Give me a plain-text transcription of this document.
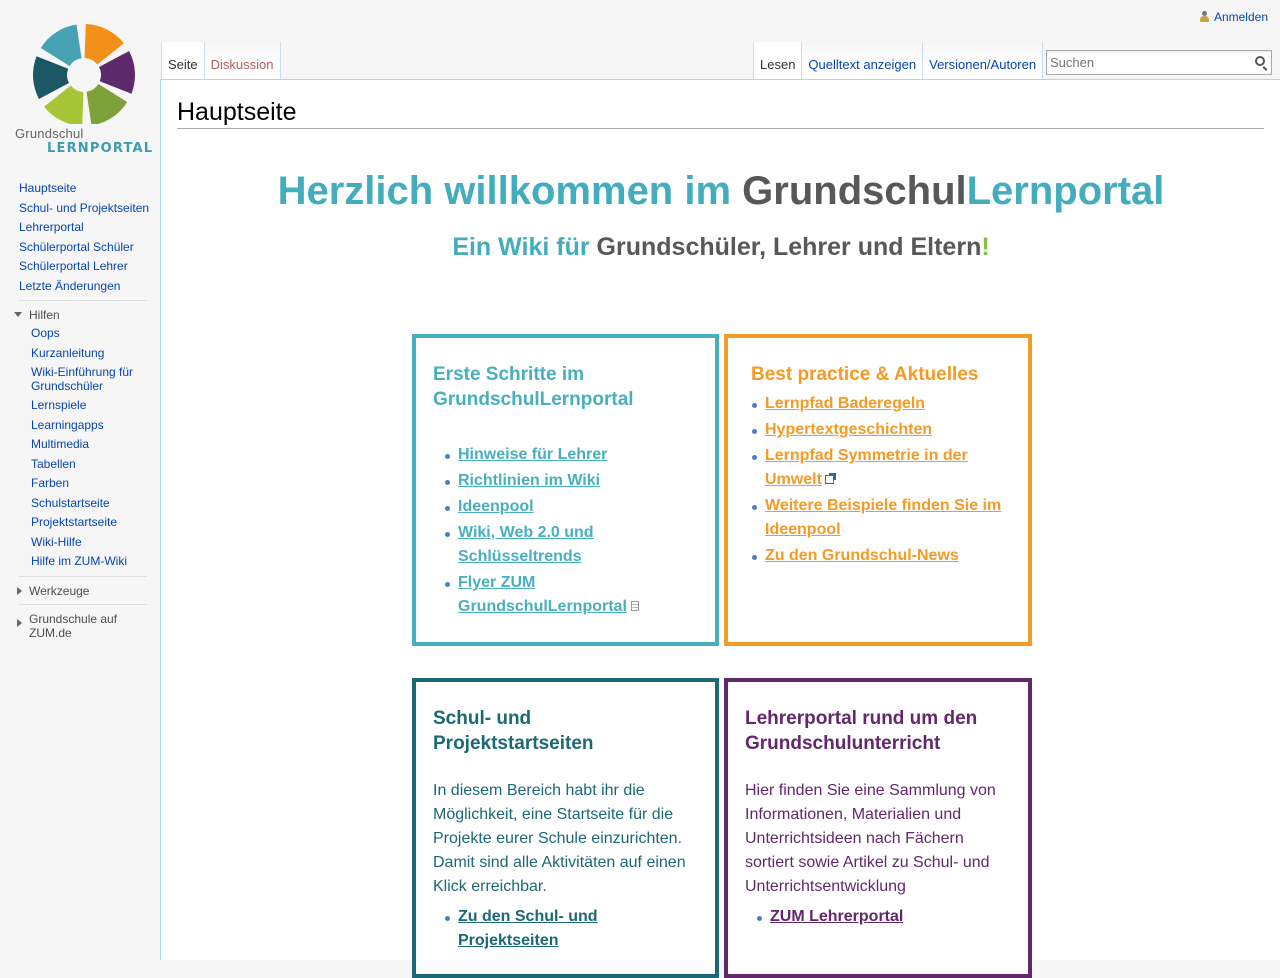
Grundschul
LERNPORTAL
Hauptseite
Schul- und Projektseiten
Lehrerportal
Schülerportal Schüler
Schülerportal Lehrer
Letzte Änderungen
Hilfen
Oops
Kurzanleitung
Wiki-Einführung für Grundschüler
Lernspiele
Learningapps
Multimedia
Tabellen
Farben
Schulstartseite
Projektstartseite
Wiki-Hilfe
Hilfe im ZUM-Wiki
Werkzeuge
Grundschule auf ZUM.de
Anmelden
Seite	Diskussion	Lesen	Quelltext anzeigen	Versionen/Autoren
Suchen
Hauptseite
Herzlich willkommen im GrundschulLernportal
Ein Wiki für Grundschüler, Lehrer und Eltern!
Erste Schritte im GrundschulLernportal
Hinweise für Lehrer
Richtlinien im Wiki
Ideenpool
Wiki, Web 2.0 und Schlüsseltrends
Flyer ZUM GrundschulLernportal
Best practice & Aktuelles
Lernpfad Baderegeln
Hypertextgeschichten
Lernpfad Symmetrie in der Umwelt
Weitere Beispiele finden Sie im Ideenpool
Zu den Grundschul-News
Schul- und Projektstartseiten

In diesem Bereich habt ihr die Möglichkeit, eine Startseite für die Projekte eurer Schule einzurichten. Damit sind alle Aktivitäten auf einen Klick erreichbar.

Zu den Schul- und Projektseiten
Lehrerportal rund um den Grundschulunterricht

Hier finden Sie eine Sammlung von Informationen, Materialien und Unterrichtsideen nach Fächern sortiert sowie Artikel zu Schul- und Unterrichtsentwicklung

ZUM Lehrerportal
